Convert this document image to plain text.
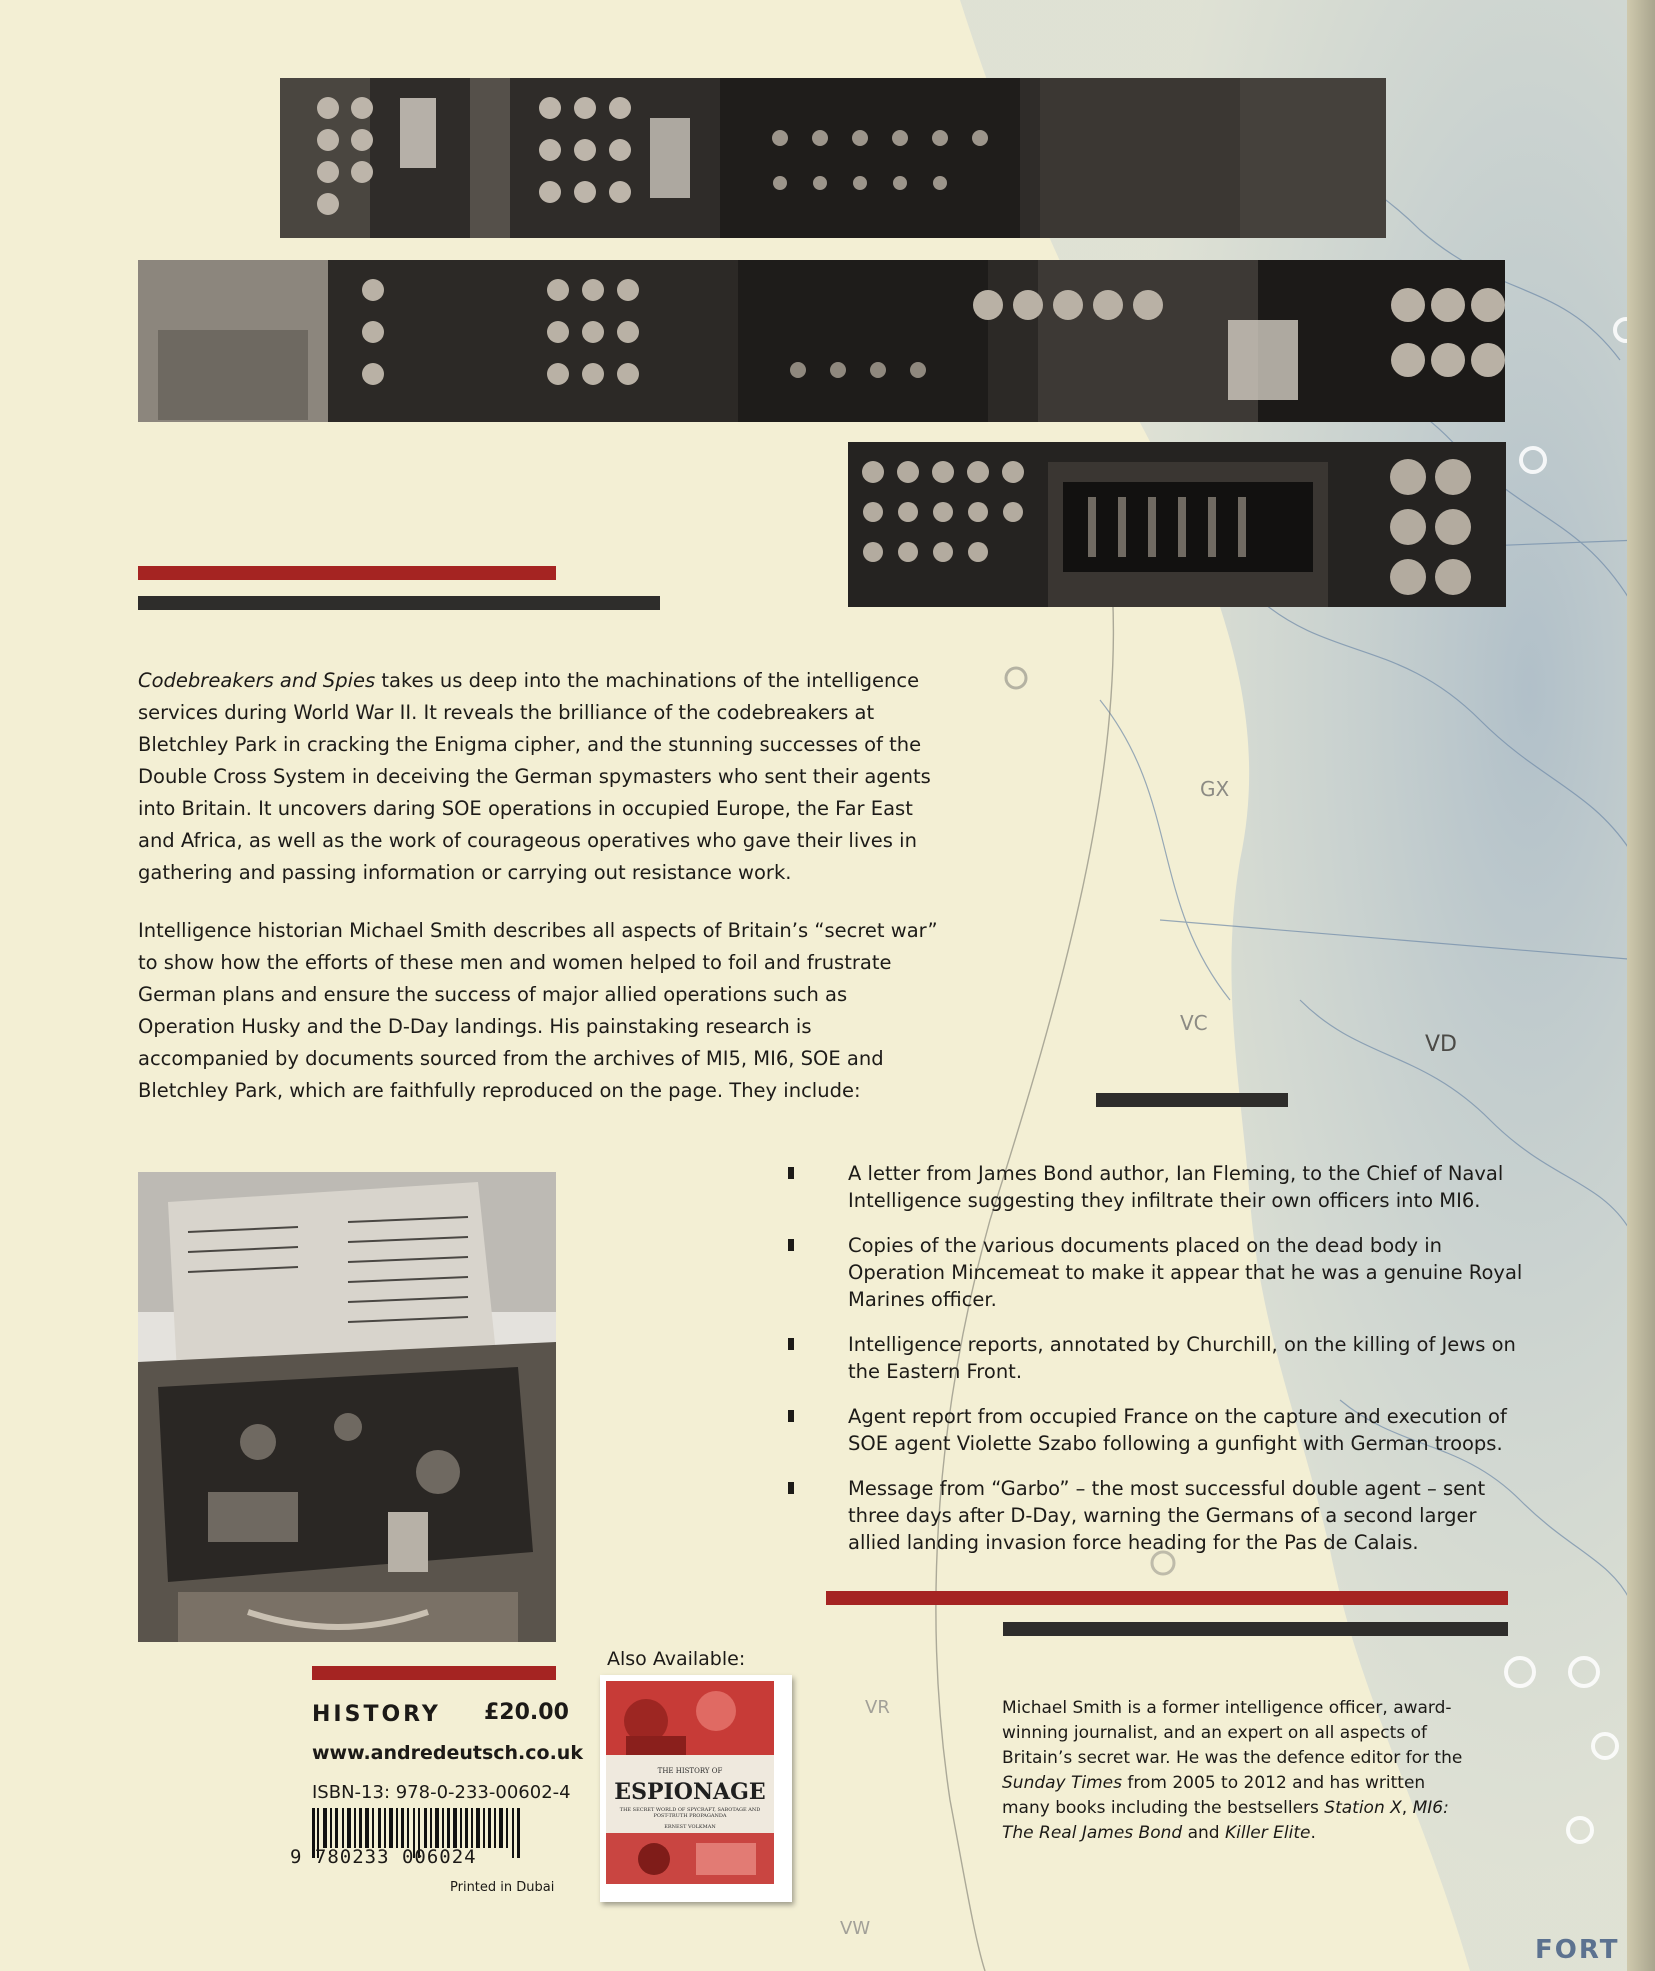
GX
VC
VD
VR
VW
FORT

Codebreakers and Spies takes us deep into the machinations of the intelligence services during World War II. It reveals the brilliance of the codebreakers at Bletchley Park in cracking the Enigma cipher, and the stunning successes of the Double Cross System in deceiving the German spymasters who sent their agents into Britain. It uncovers daring SOE operations in occupied Europe, the Far East and Africa, as well as the work of courageous operatives who gave their lives in gathering and passing information or carrying out resistance work.

Intelligence historian Michael Smith describes all aspects of Britain’s “secret war” to show how the efforts of these men and women helped to foil and frustrate German plans and ensure the success of major allied operations such as Operation Husky and the D-Day landings. His painstaking research is accompanied by documents sourced from the archives of MI5, MI6, SOE and Bletchley Park, which are faithfully reproduced on the page. They include:

A letter from James Bond author, Ian Fleming, to the Chief of Naval Intelligence suggesting they infiltrate their own officers into MI6.
Copies of the various documents placed on the dead body in Operation Mincemeat to make it appear that he was a genuine Royal Marines officer.
Intelligence reports, annotated by Churchill, on the killing of Jews on the Eastern Front.
Agent report from occupied France on the capture and execution of SOE agent Violette Szabo following a gunfight with German troops.
Message from “Garbo” – the most successful double agent – sent three days after D-Day, warning the Germans of a second larger allied landing invasion force heading for the Pas de Calais.
Also Available:
THE HISTORY OF
ESPIONAGE
THE SECRET WORLD OF SPYCRAFT, SABOTAGE AND POST-TRUTH PROPAGANDA
ERNEST VOLKMAN
HISTORY £20.00
www.andredeutsch.co.uk
ISBN-13: 978-0-233-00602-4
9 780233 006024
Printed in Dubai
Michael Smith is a former intelligence officer, award-winning journalist, and an expert on all aspects of Britain’s secret war. He was the defence editor for the Sunday Times from 2005 to 2012 and has written many books including the bestsellers Station X, MI6: The Real James Bond and Killer Elite.
